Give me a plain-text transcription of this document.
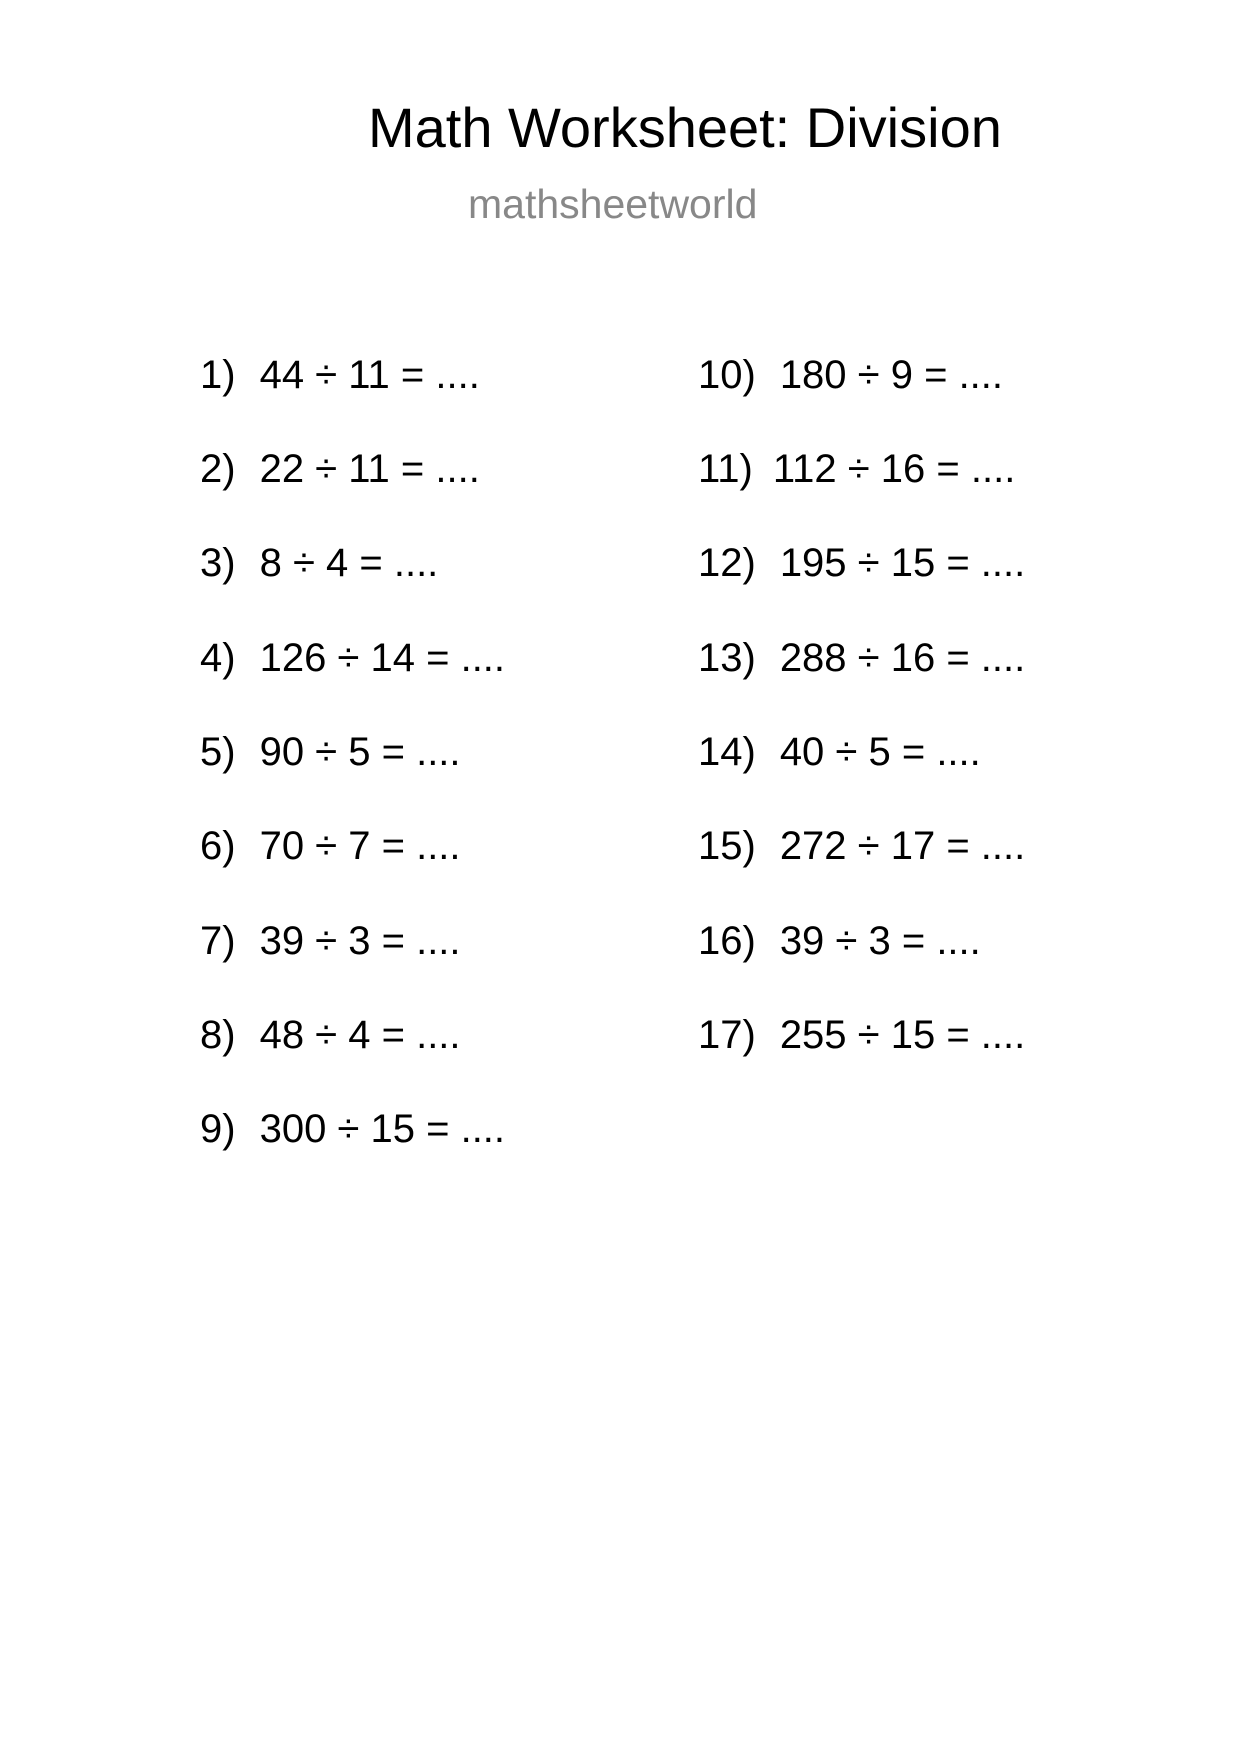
Math Worksheet: Division
mathsheetworld
1) 44 ÷ 11 = ....
2) 22 ÷ 11 = ....
3) 8 ÷ 4 = ....
4) 126 ÷ 14 = ....
5) 90 ÷ 5 = ....
6) 70 ÷ 7 = ....
7) 39 ÷ 3 = ....
8) 48 ÷ 4 = ....
9) 300 ÷ 15 = ....
10) 180 ÷ 9 = ....
11) 112 ÷ 16 = ....
12) 195 ÷ 15 = ....
13) 288 ÷ 16 = ....
14) 40 ÷ 5 = ....
15) 272 ÷ 17 = ....
16) 39 ÷ 3 = ....
17) 255 ÷ 15 = ....
